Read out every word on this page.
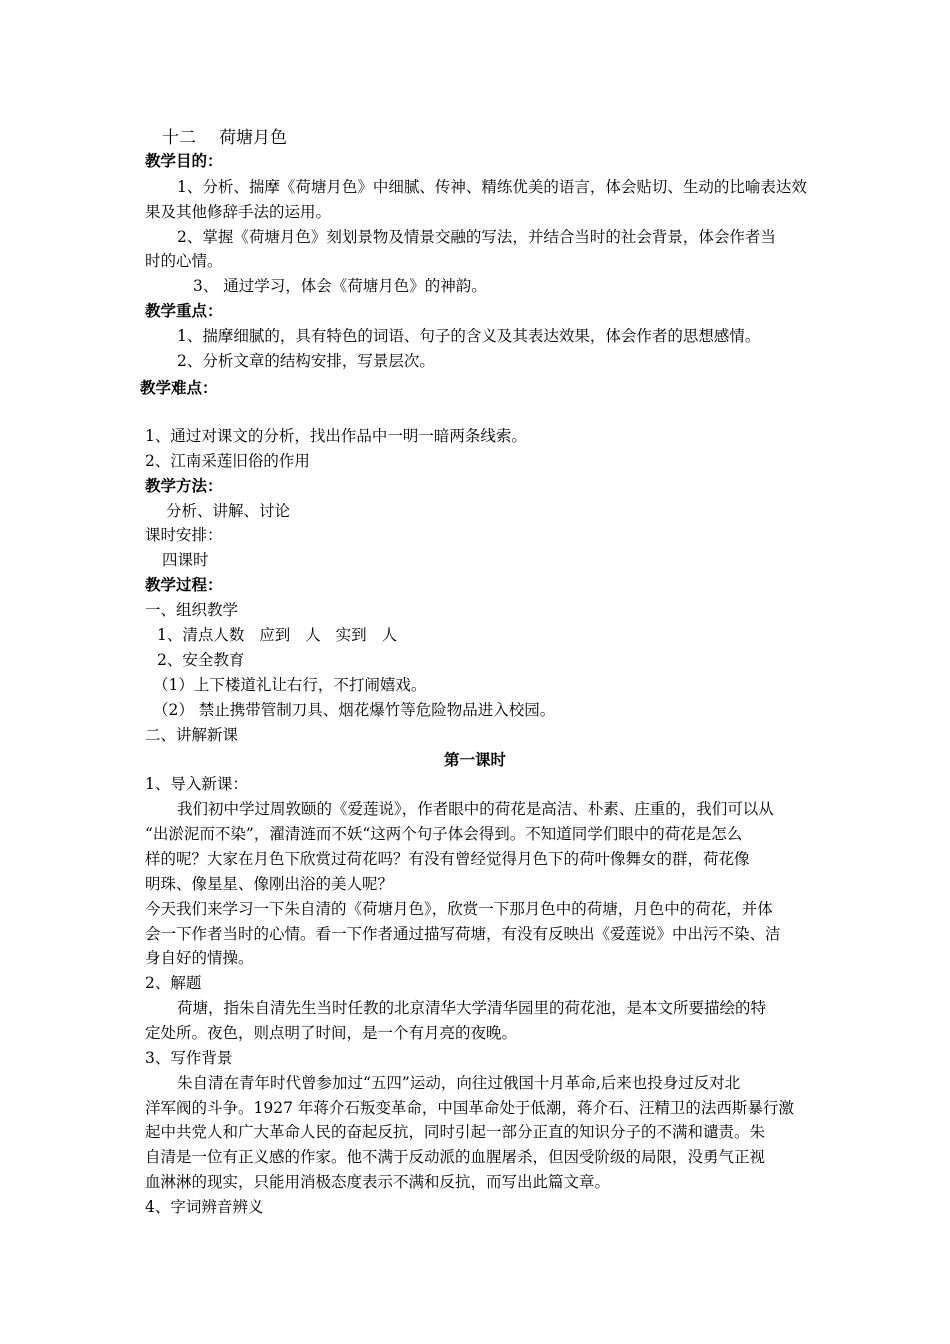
十二 荷塘月色
教学目的：
1、分析、揣摩《荷塘月色》中细腻、传神、精练优美的语言，体会贴切、生动的比喻表达效
果及其他修辞手法的运用。
2、掌握《荷塘月色》刻划景物及情景交融的写法，并结合当时的社会背景，体会作者当
时的心情。
3、 通过学习，体会《荷塘月色》的神韵。
教学重点：
1、揣摩细腻的，具有特色的词语、句子的含义及其表达效果，体会作者的思想感情。
2、分析文章的结构安排，写景层次。
教学难点：
1、通过对课文的分析，找出作品中一明一暗两条线索。
2、江南采莲旧俗的作用
教学方法：
分析、讲解、讨论
课时安排：
四课时
教学过程：
一、组织教学
1、清点人数 应到 人 实到 人
2、安全教育
（1）上下楼道礼让右行，不打闹嬉戏。
（2） 禁止携带管制刀具、烟花爆竹等危险物品进入校园。
二、讲解新课
第一课时
1、导入新课：
我们初中学过周敦颐的《爱莲说》，作者眼中的荷花是高洁、朴素、庄重的，我们可以从
“出淤泥而不染”，濯清涟而不妖“这两个句子体会得到。不知道同学们眼中的荷花是怎么
样的呢？大家在月色下欣赏过荷花吗？有没有曾经觉得月色下的荷叶像舞女的群，荷花像
明珠、像星星、像刚出浴的美人呢？
今天我们来学习一下朱自清的《荷塘月色》，欣赏一下那月色中的荷塘，月色中的荷花，并体
会一下作者当时的心情。看一下作者通过描写荷塘，有没有反映出《爱莲说》中出污不染、洁
身自好的情操。
2、解题
荷塘，指朱自清先生当时任教的北京清华大学清华园里的荷花池，是本文所要描绘的特
定处所。夜色，则点明了时间，是一个有月亮的夜晚。
3、写作背景
朱自清在青年时代曾参加过“五四”运动，向往过俄国十月革命,后来也投身过反对北
洋军阀的斗争。1927 年蒋介石叛变革命，中国革命处于低潮，蒋介石、汪精卫的法西斯暴行激
起中共党人和广大革命人民的奋起反抗，同时引起一部分正直的知识分子的不满和谴责。朱
自清是一位有正义感的作家。他不满于反动派的血腥屠杀，但因受阶级的局限，没勇气正视
血淋淋的现实，只能用消极态度表示不满和反抗，而写出此篇文章。
4、字词辨音辨义
